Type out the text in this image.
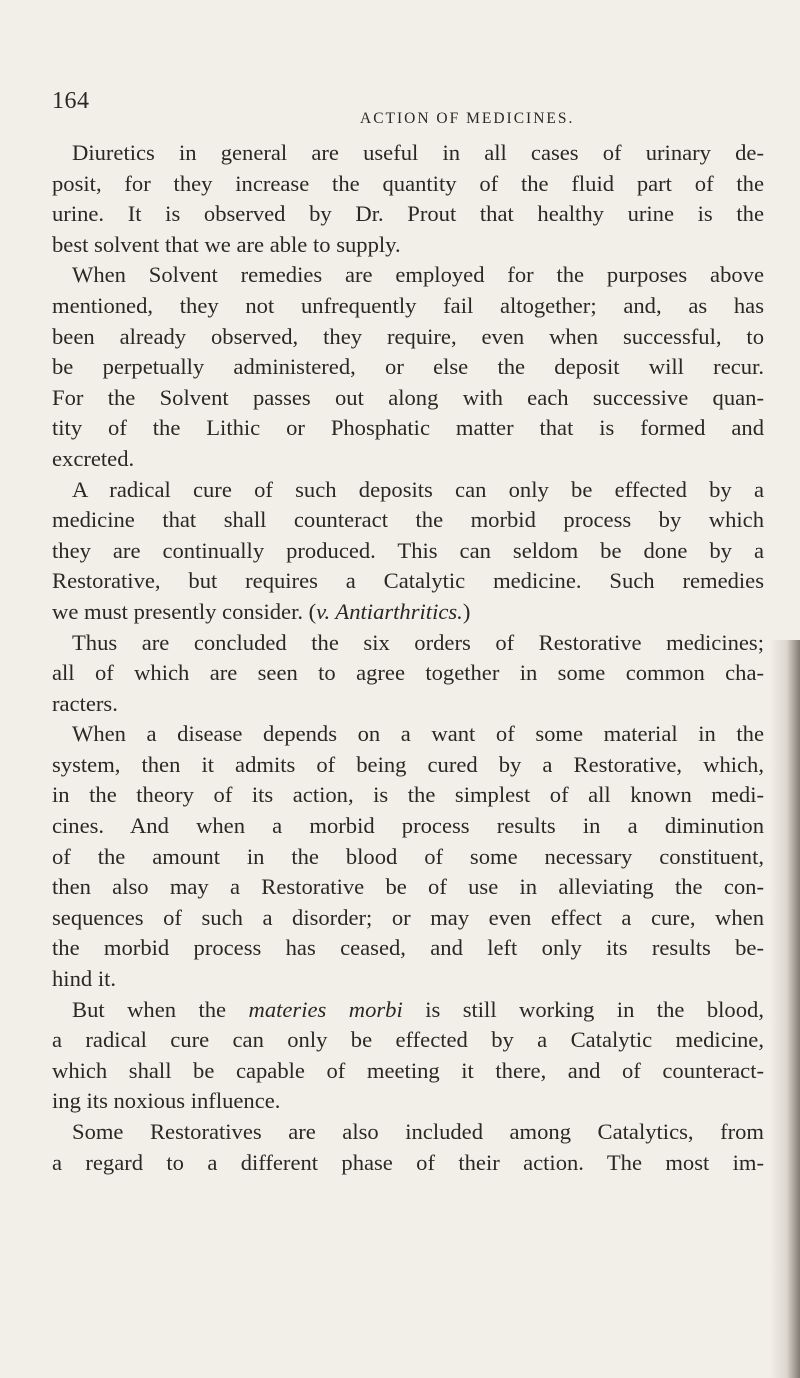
164
ACTION OF MEDICINES.
Diuretics in general are useful in all cases of urinary de-
posit, for they increase the quantity of the fluid part of the
urine. It is observed by Dr. Prout that healthy urine is the
best solvent that we are able to supply.
When Solvent remedies are employed for the purposes above
mentioned, they not unfrequently fail altogether; and, as has
been already observed, they require, even when successful, to
be perpetually administered, or else the deposit will recur.
For the Solvent passes out along with each successive quan-
tity of the Lithic or Phosphatic matter that is formed and
excreted.
A radical cure of such deposits can only be effected by a
medicine that shall counteract the morbid process by which
they are continually produced. This can seldom be done by a
Restorative, but requires a Catalytic medicine. Such remedies
we must presently consider. (v. Antiarthritics.)
Thus are concluded the six orders of Restorative medicines;
all of which are seen to agree together in some common cha-
racters.
When a disease depends on a want of some material in the
system, then it admits of being cured by a Restorative, which,
in the theory of its action, is the simplest of all known medi-
cines. And when a morbid process results in a diminution
of the amount in the blood of some necessary constituent,
then also may a Restorative be of use in alleviating the con-
sequences of such a disorder; or may even effect a cure, when
the morbid process has ceased, and left only its results be-
hind it.
But when the materies morbi is still working in the blood,
a radical cure can only be effected by a Catalytic medicine,
which shall be capable of meeting it there, and of counteract-
ing its noxious influence.
Some Restoratives are also included among Catalytics, from
a regard to a different phase of their action. The most im-
